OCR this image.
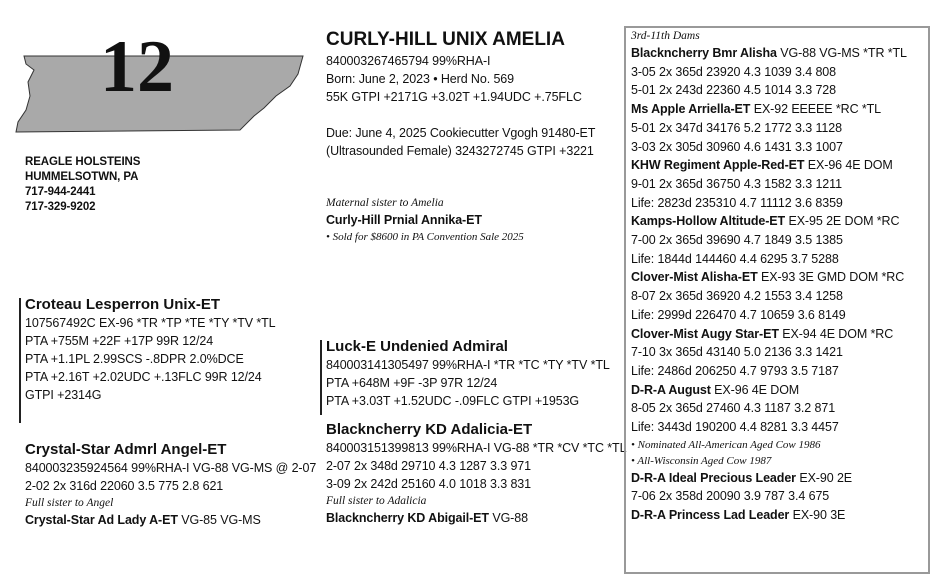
12
REAGLE HOLSTEINS
HUMMELSOTWN, PA
717-944-2441
717-329-9202
CURLY-HILL UNIX AMELIA
840003267465794 99%RHA-I
Born: June 2, 2023 • Herd No. 569
55K GTPI +2171G +3.02T +1.94UDC +.75FLC
Due: June 4, 2025 Cookiecutter Vgogh 91480-ET
(Ultrasounded Female) 3243272745 GTPI +3221
Maternal sister to Amelia
Curly-Hill Prnial Annika-ET
• Sold for $8600 in PA Convention Sale 2025
Croteau Lesperron Unix-ET
107567492C EX-96 *TR *TP *TE *TY *TV *TL
PTA +755M +22F +17P 99R 12/24
PTA +1.1PL 2.99SCS -.8DPR 2.0%DCE
PTA +2.16T +2.02UDC +.13FLC 99R 12/24
GTPI +2314G
Crystal-Star Admrl Angel-ET
840003235924564 99%RHA-I VG-88 VG-MS @ 2-07
2-02 2x 316d 22060 3.5 775 2.8 621
Full sister to Angel
Crystal-Star Ad Lady A-ET VG-85 VG-MS
Luck-E Undenied Admiral
840003141305497 99%RHA-I *TR *TC *TY *TV *TL
PTA +648M +9F -3P 97R 12/24
PTA +3.03T +1.52UDC -.09FLC GTPI +1953G
Blackncherry KD Adalicia-ET
840003151399813 99%RHA-I VG-88 *TR *CV *TC *TL
2-07 2x 348d 29710 4.3 1287 3.3 971
3-09 2x 242d 25160 4.0 1018 3.3 831
Full sister to Adalicia
Blackncherry KD Abigail-ET VG-88
3rd-11th Dams
Blackncherry Bmr Alisha VG-88 VG-MS *TR *TL
3-05 2x 365d 23920 4.3 1039 3.4 808
5-01 2x 243d 22360 4.5 1014 3.3 728
Ms Apple Arriella-ET EX-92 EEEEE *RC *TL
5-01 2x 347d 34176 5.2 1772 3.3 1128
3-03 2x 305d 30960 4.6 1431 3.3 1007
KHW Regiment Apple-Red-ET EX-96 4E DOM
9-01 2x 365d 36750 4.3 1582 3.3 1211
Life: 2823d 235310 4.7 11112 3.6 8359
Kamps-Hollow Altitude-ET EX-95 2E DOM *RC
7-00 2x 365d 39690 4.7 1849 3.5 1385
Life: 1844d 144460 4.4 6295 3.7 5288
Clover-Mist Alisha-ET EX-93 3E GMD DOM *RC
8-07 2x 365d 36920 4.2 1553 3.4 1258
Life: 2999d 226470 4.7 10659 3.6 8149
Clover-Mist Augy Star-ET EX-94 4E DOM *RC
7-10 3x 365d 43140 5.0 2136 3.3 1421
Life: 2486d 206250 4.7 9793 3.5 7187
D-R-A August EX-96 4E DOM
8-05 2x 365d 27460 4.3 1187 3.2 871
Life: 3443d 190200 4.4 8281 3.3 4457
• Nominated All-American Aged Cow 1986
• All-Wisconsin Aged Cow 1987
D-R-A Ideal Precious Leader EX-90 2E
7-06 2x 358d 20090 3.9 787 3.4 675
D-R-A Princess Lad Leader EX-90 3E
